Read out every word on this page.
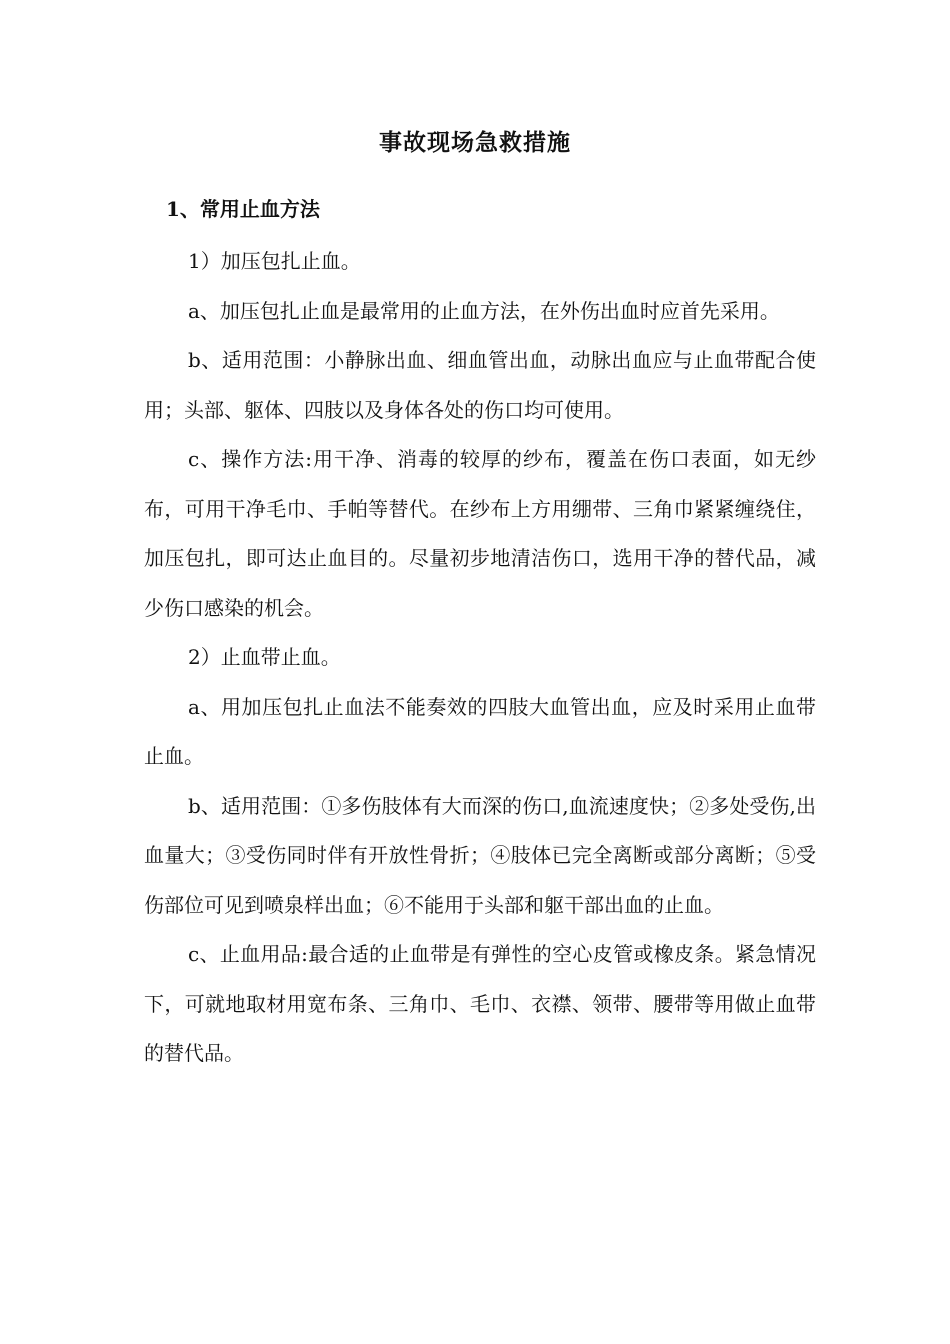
事故现场急救措施
1、常用止血方法

1）加压包扎止血。

a、加压包扎止血是最常用的止血方法，在外伤出血时应首先采用。

b、适用范围：小静脉出血、细血管出血，动脉出血应与止血带配合使用；头部、躯体、四肢以及身体各处的伤口均可使用。

c、操作方法:用干净、消毒的较厚的纱布，覆盖在伤口表面，如无纱布，可用干净毛巾、手帕等替代。在纱布上方用绷带、三角巾紧紧缠绕住，加压包扎，即可达止血目的。尽量初步地清洁伤口，选用干净的替代品，减少伤口感染的机会。

2）止血带止血。

a、用加压包扎止血法不能奏效的四肢大血管出血，应及时采用止血带止血。

b、适用范围：①多伤肢体有大而深的伤口,血流速度快；②多处受伤,出血量大；③受伤同时伴有开放性骨折；④肢体已完全离断或部分离断；⑤受伤部位可见到喷泉样出血；⑥不能用于头部和躯干部出血的止血。

c、止血用品:最合适的止血带是有弹性的空心皮管或橡皮条。紧急情况下，可就地取材用宽布条、三角巾、毛巾、衣襟、领带、腰带等用做止血带的替代品。
